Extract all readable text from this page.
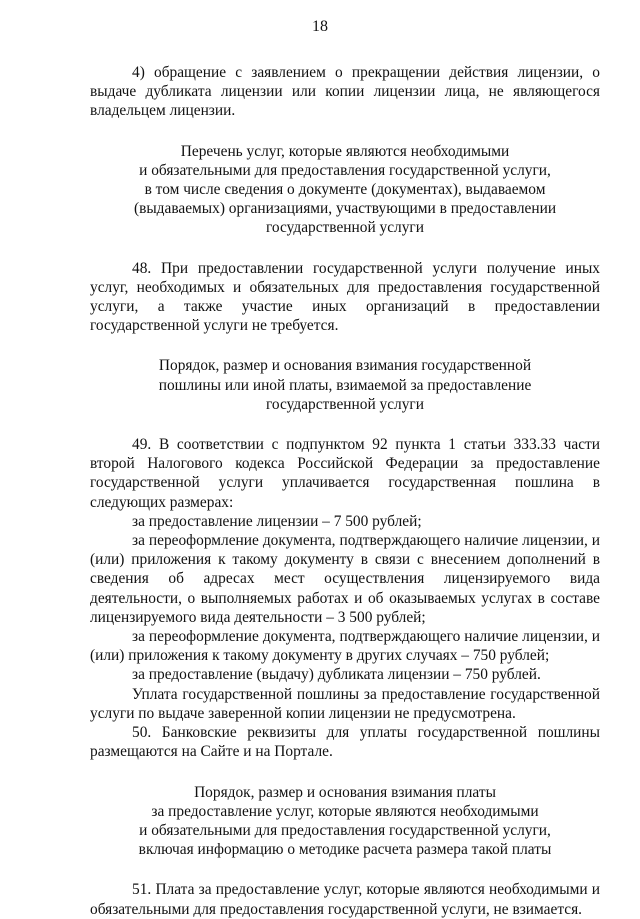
18

4) обращение с заявлением о прекращении действия лицензии, о выдаче дубликата лицензии или копии лицензии лица, не являющегося владельцем лицензии.

Перечень услуг, которые являются необходимыми
и обязательными для предоставления государственной услуги,
в том числе сведения о документе (документах), выдаваемом
(выдаваемых) организациями, участвующими в предоставлении
государственной услуги

48. При предоставлении государственной услуги получение иных услуг, необходимых и обязательных для предоставления государственной услуги, а также участие иных организаций в предоставлении государственной услуги не требуется.

Порядок, размер и основания взимания государственной
пошлины или иной платы, взимаемой за предоставление
государственной услуги

49. В соответствии с подпунктом 92 пункта 1 статьи 333.33 части второй Налогового кодекса Российской Федерации за предоставление государственной услуги уплачивается государственная пошлина в следующих размерах:

за предоставление лицензии – 7 500 рублей;

за переоформление документа, подтверждающего наличие лицензии, и (или) приложения к такому документу в связи с внесением дополнений в сведения об адресах мест осуществления лицензируемого вида деятельности, о выполняемых работах и об оказываемых услугах в составе лицензируемого вида деятельности – 3 500 рублей;

за переоформление документа, подтверждающего наличие лицензии, и (или) приложения к такому документу в других случаях – 750 рублей;

за предоставление (выдачу) дубликата лицензии – 750 рублей.

Уплата государственной пошлины за предоставление государственной услуги по выдаче заверенной копии лицензии не предусмотрена.

50. Банковские реквизиты для уплаты государственной пошлины размещаются на Сайте и на Портале.

Порядок, размер и основания взимания платы
за предоставление услуг, которые являются необходимыми
и обязательными для предоставления государственной услуги,
включая информацию о методике расчета размера такой платы

51. Плата за предоставление услуг, которые являются необходимыми и обязательными для предоставления государственной услуги, не взимается.
